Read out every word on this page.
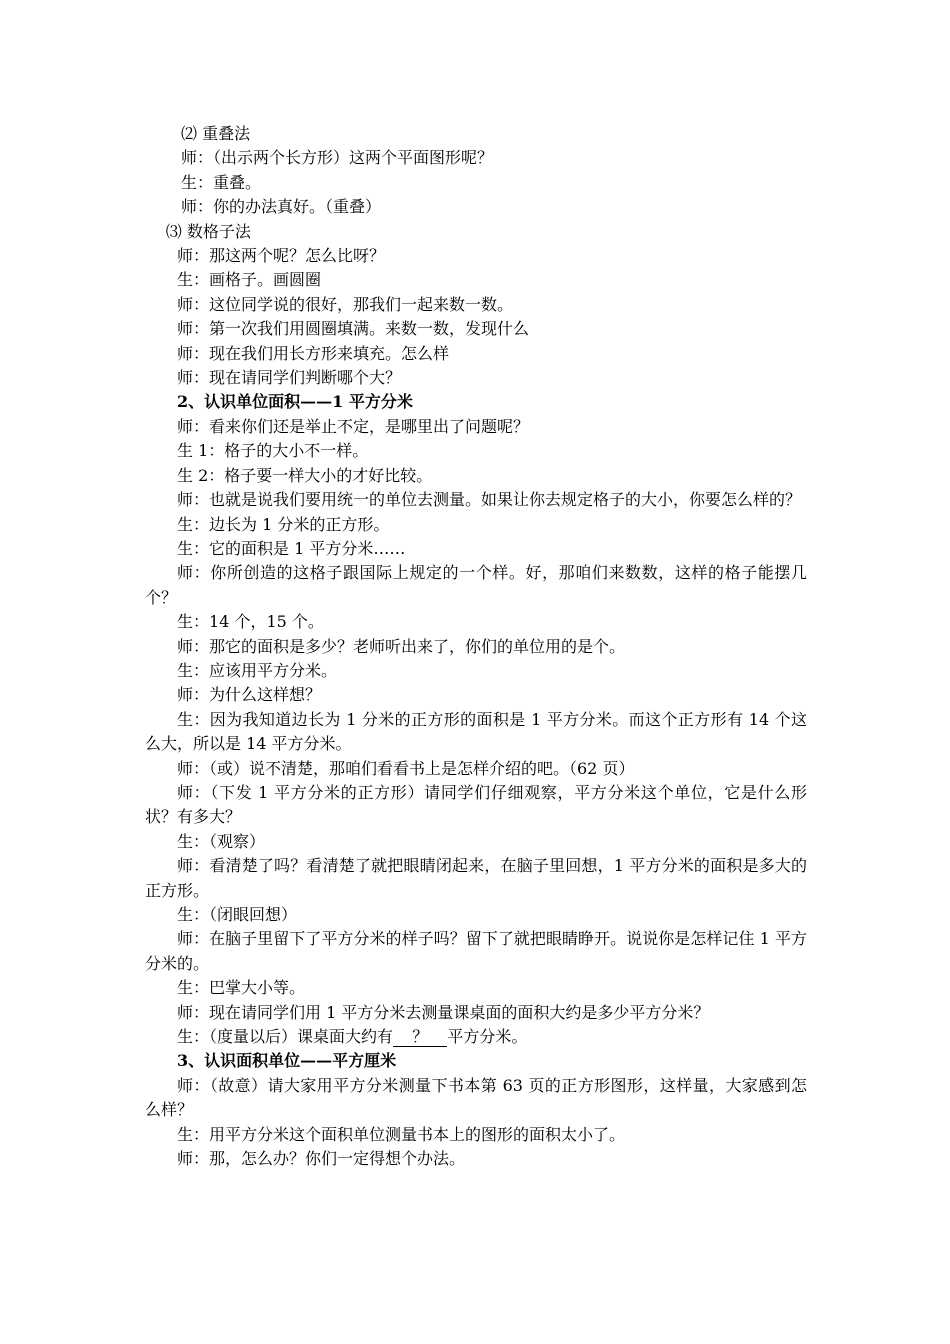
⑵ 重叠法

师：（出示两个长方形）这两个平面图形呢？

生：重叠。

师：你的办法真好。（重叠）

⑶ 数格子法

师：那这两个呢？怎么比呀？

生：画格子。画圆圈

师：这位同学说的很好，那我们一起来数一数。

师：第一次我们用圆圈填满。来数一数，发现什么

师：现在我们用长方形来填充。怎么样

师：现在请同学们判断哪个大？

2、认识单位面积——1 平方分米

师：看来你们还是举止不定，是哪里出了问题呢？

生 1：格子的大小不一样。

生 2：格子要一样大小的才好比较。

师：也就是说我们要用统一的单位去测量。如果让你去规定格子的大小，你要怎么样的？

生：边长为 1 分米的正方形。

生：它的面积是 1 平方分米……

师：你所创造的这格子跟国际上规定的一个样。好，那咱们来数数，这样的格子能摆几个？

生：14 个，15 个。

师：那它的面积是多少？老师听出来了，你们的单位用的是个。

生：应该用平方分米。

师：为什么这样想？

生：因为我知道边长为 1 分米的正方形的面积是 1 平方分米。而这个正方形有 14 个这么大，所以是 14 平方分米。

师：（或）说不清楚，那咱们看看书上是怎样介绍的吧。（62 页）

师：（下发 1 平方分米的正方形）请同学们仔细观察，平方分米这个单位，它是什么形状？有多大？

生：（观察）

师：看清楚了吗？看清楚了就把眼睛闭起来，在脑子里回想，1 平方分米的面积是多大的正方形。

生：（闭眼回想）

师：在脑子里留下了平方分米的样子吗？留下了就把眼睛睁开。说说你是怎样记住 1 平方分米的。

生：巴掌大小等。

师：现在请同学们用 1 平方分米去测量课桌面的面积大约是多少平方分米？

生：（度量以后）课桌面大约有 ？ 平方分米。

3、认识面积单位——平方厘米

师：（故意）请大家用平方分米测量下书本第 63 页的正方形图形，这样量，大家感到怎么样？

生：用平方分米这个面积单位测量书本上的图形的面积太小了。

师：那，怎么办？你们一定得想个办法。
